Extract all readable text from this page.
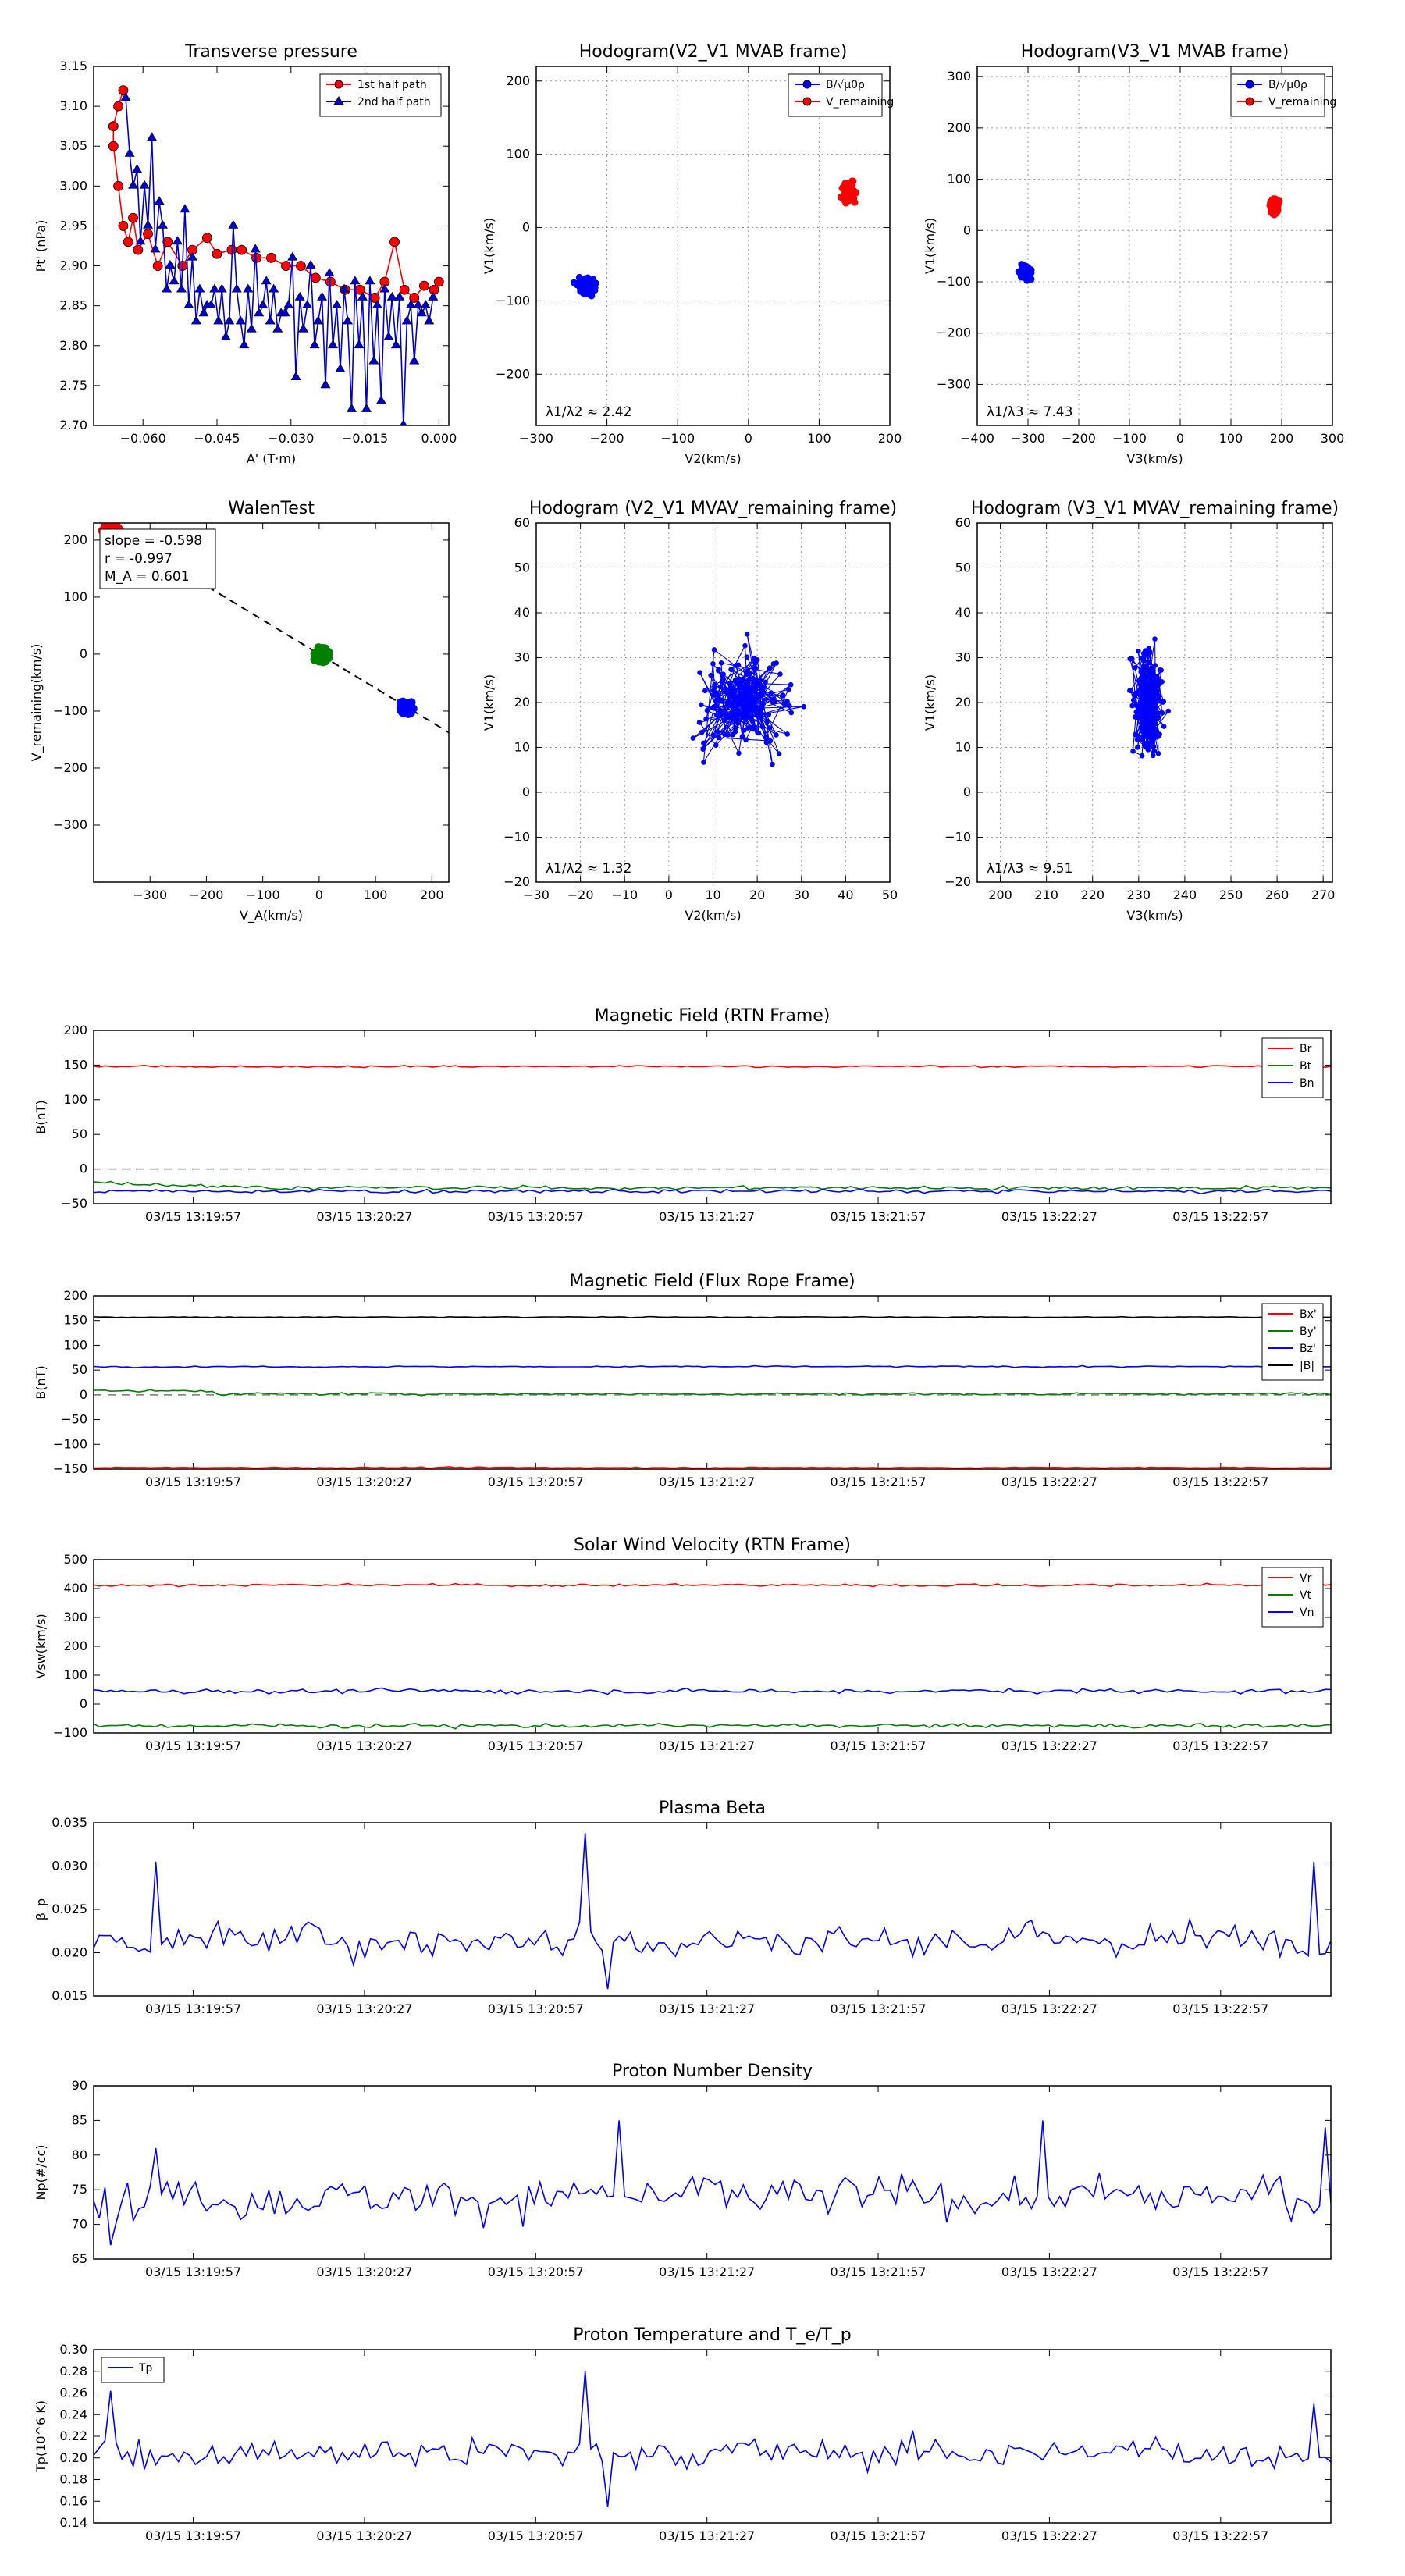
Transverse pressure
2.70
2.75
2.80
2.85
2.90
2.95
3.00
3.05
3.10
3.15
−0.060 −0.045 −0.030 −0.015	0.000
A' (T·m)
Pt' (nPa)
1st half path
2nd half path
Hodogram(V2_V1 MVAB frame)
−200
−100
0
100
200
−300	−200	−100	0	100	200
V2(km/s)
V1(km/s)
λ1/λ2 ≈ 2.42
B/√μ0ρ
V_remaining
Hodogram(V3_V1 MVAB frame)
−300
−200
−100
0
100
200
300
−400 −300 −200 −100 0	100 200 300
V3(km/s)
V1(km/s)
λ1/λ3 ≈ 7.43
B/√μ0ρ
V_remaining
WalenTest
−300
−200
−100
0
100
200
−300 −200 −100	0	100	200
V_A(km/s)
V_remaining(km/s)
slope = -0.598
r = -0.997
M_A = 0.601
Hodogram (V2_V1 MVAV_remaining frame)
−20
−10
0
10
20
30
40
50
60
−30 −20 −10 0	10 20 30 40 50
V2(km/s)
V1(km/s)
λ1/λ2 ≈ 1.32
Hodogram (V3_V1 MVAV_remaining frame)
−20
−10
0
10
20
30
40
50
60
200 210 220 230 240 250 260 270
V3(km/s)
V1(km/s)
λ1/λ3 ≈ 9.51
Magnetic Field (RTN Frame)
−50
0
50
100
150
200
03/15 13:19:57	03/15 13:20:27	03/15 13:20:57	03/15 13:21:27	03/15 13:21:57	03/15 13:22:27	03/15 13:22:57
B(nT)
Br
Bt
Bn
Magnetic Field (Flux Rope Frame)
−150
−100
−50
0
50
100
150
200
03/15 13:19:57	03/15 13:20:27	03/15 13:20:57	03/15 13:21:27	03/15 13:21:57	03/15 13:22:27	03/15 13:22:57
B(nT)
Bx'
By'
Bz'
|B|
Solar Wind Velocity (RTN Frame)
−100
0
100
200
300
400
500
03/15 13:19:57	03/15 13:20:27	03/15 13:20:57	03/15 13:21:27	03/15 13:21:57	03/15 13:22:27	03/15 13:22:57
Vsw(km/s)
Vr
Vt
Vn
Plasma Beta
0.015
0.020
0.025
0.030
0.035
03/15 13:19:57	03/15 13:20:27	03/15 13:20:57	03/15 13:21:27	03/15 13:21:57	03/15 13:22:27	03/15 13:22:57
β_p
Proton Number Density
65
70
75
80
85
90
03/15 13:19:57	03/15 13:20:27	03/15 13:20:57	03/15 13:21:27	03/15 13:21:57	03/15 13:22:27	03/15 13:22:57
Np(#/cc)
Proton Temperature and T_e/T_p
0.14
0.16
0.18
0.20
0.22
0.24
0.26
0.28
0.30
03/15 13:19:57	03/15 13:20:27	03/15 13:20:57	03/15 13:21:27	03/15 13:21:57	03/15 13:22:27	03/15 13:22:57
Tp(10^6 K)
Tp
